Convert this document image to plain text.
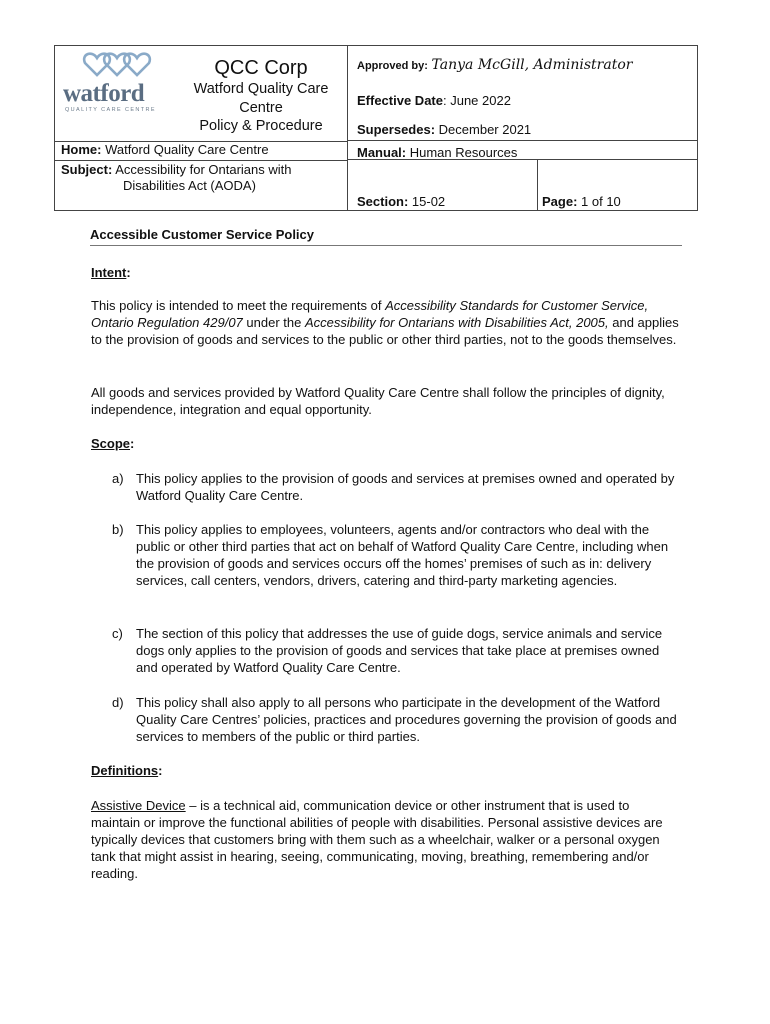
watford
QUALITY CARE CENTRE
QCC Corp
Watford Quality Care
Centre
Policy & Procedure
Approved by: Tanya McGill, Administrator
Effective Date: June 2022
Supersedes: December 2021
Manual: Human Resources
Section: 15-02	Page: 1 of 10
Home: Watford Quality Care Centre
Subject: Accessibility for Ontarians with
Disabilities Act (AODA)
Accessible Customer Service Policy
Intent:
This policy is intended to meet the requirements of Accessibility Standards for Customer Service, Ontario Regulation 429/07 under the Accessibility for Ontarians with Disabilities Act, 2005, and applies to the provision of goods and services to the public or other third parties, not to the goods themselves.
All goods and services provided by Watford Quality Care Centre shall follow the principles of dignity, independence, integration and equal opportunity.
Scope:
a) This policy applies to the provision of goods and services at premises owned and operated by Watford Quality Care Centre.
b) This policy applies to employees, volunteers, agents and/or contractors who deal with the public or other third parties that act on behalf of Watford Quality Care Centre, including when the provision of goods and services occurs off the homes’ premises of such as in: delivery services, call centers, vendors, drivers, catering and third-party marketing agencies.
c)	The section of this policy that addresses the use of guide dogs, service animals and service dogs only applies to the provision of goods and services that take place at premises owned and operated by Watford Quality Care Centre.
d) This policy shall also apply to all persons who participate in the development of the Watford Quality Care Centres’ policies, practices and procedures governing the provision of goods and services to members of the public or third parties.
Definitions:
Assistive Device – is a technical aid, communication device or other instrument that is used to maintain or improve the functional abilities of people with disabilities. Personal assistive devices are typically devices that customers bring with them such as a wheelchair, walker or a personal oxygen tank that might assist in hearing, seeing, communicating, moving, breathing, remembering and/or reading.
